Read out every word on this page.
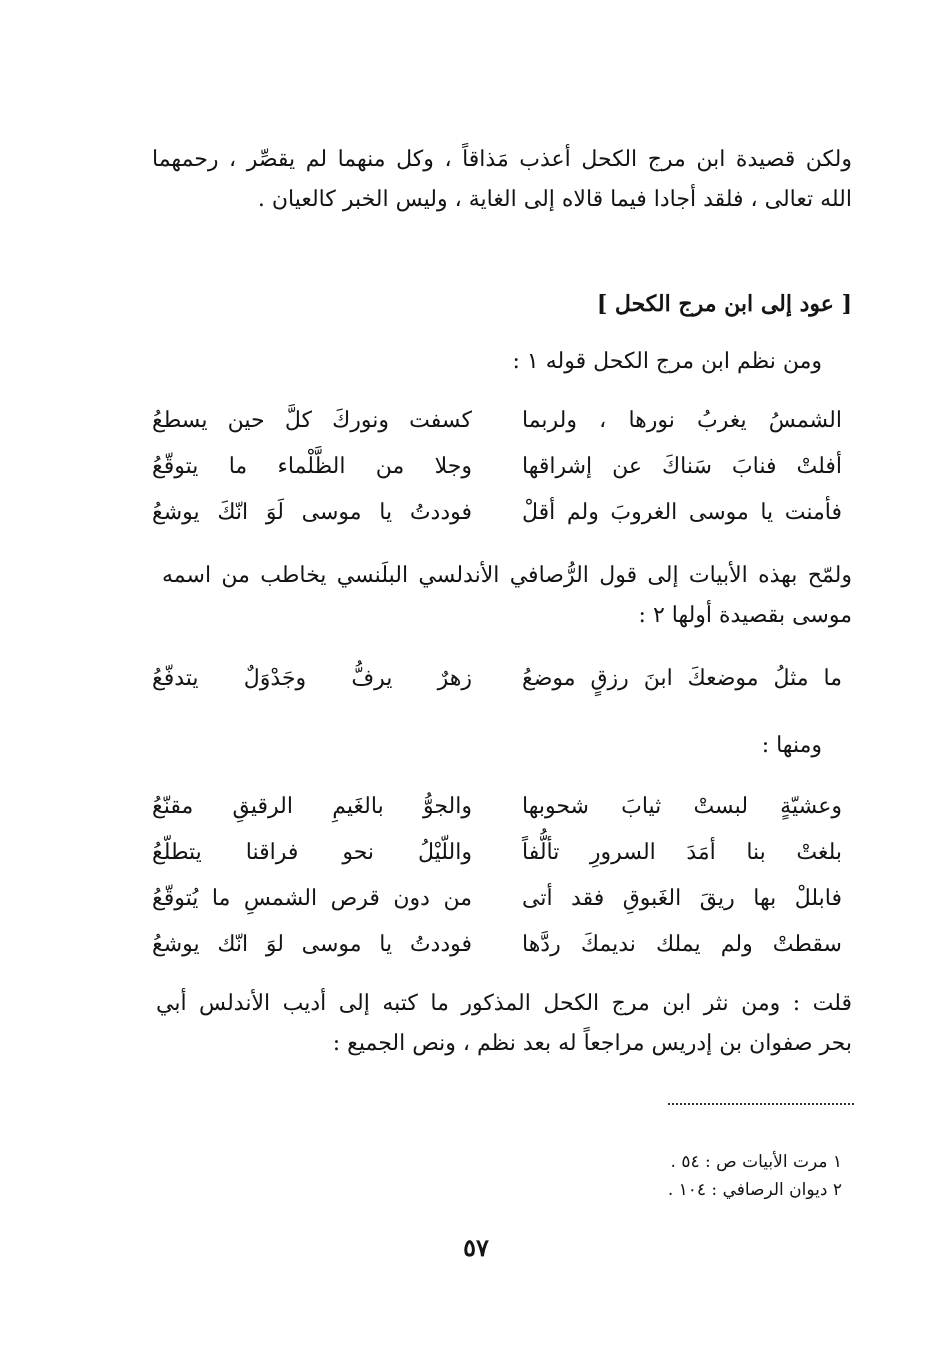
ولكن قصيدة ابن مرج الكحل أعذب مَذاقاً ، وكل منهما لم يقصِّر ، رحمهما
الله تعالى ، فلقد أجادا فيما قالاه إلى الغاية ، وليس الخبر كالعيان .
[ عود إلى ابن مرج الكحل ]
ومن نظم ابن مرج الكحل قوله ١ :
الشمسُ يغربُ نورها ، ولربما
كسفت ونوركَ كلَّ حين يسطعُ
أفلتْ فنابَ سَناكَ عن إشراقها
وجلا من الظَّلْماء ما يتوقّعُ
فأمنت يا موسى الغروبَ ولم أقلْ
فوددتُ يا موسى لَوَ انّكَ يوشعُ
ولمّح بهذه الأبيات إلى قول الرُّصافي الأندلسي البلَنسي يخاطب من اسمه
موسى بقصيدة أولها ٢ :
ما مثلُ موضعكَ ابنَ رزقٍ موضعُ
زهرٌ يرفُّ وجَدْوَلٌ يتدفّعُ
ومنها :
وعشيّةٍ لبستْ ثيابَ شحوبها
والجوُّ بالغَيمِ الرقيقِ مقنّعُ
بلغتْ بنا أمَدَ السرورِ تألُّفاً
واللّيْلُ نحو فراقنا يتطلّعُ
فابللْ بها ريقَ الغَبوقِ فقد أتى
من دون قرص الشمسِ ما يُتوقّعُ
سقطتْ ولم يملك نديمكَ ردَّها
فوددتُ يا موسى لوَ انّك يوشعُ
قلت : ومن نثر ابن مرج الكحل المذكور ما كتبه إلى أديب الأندلس أبي
بحر صفوان بن إدريس مراجعاً له بعد نظم ، ونص الجميع :
١ مرت الأبيات ص : ٥٤ .
٢ ديوان الرصافي : ١٠٤ .
٥٧
